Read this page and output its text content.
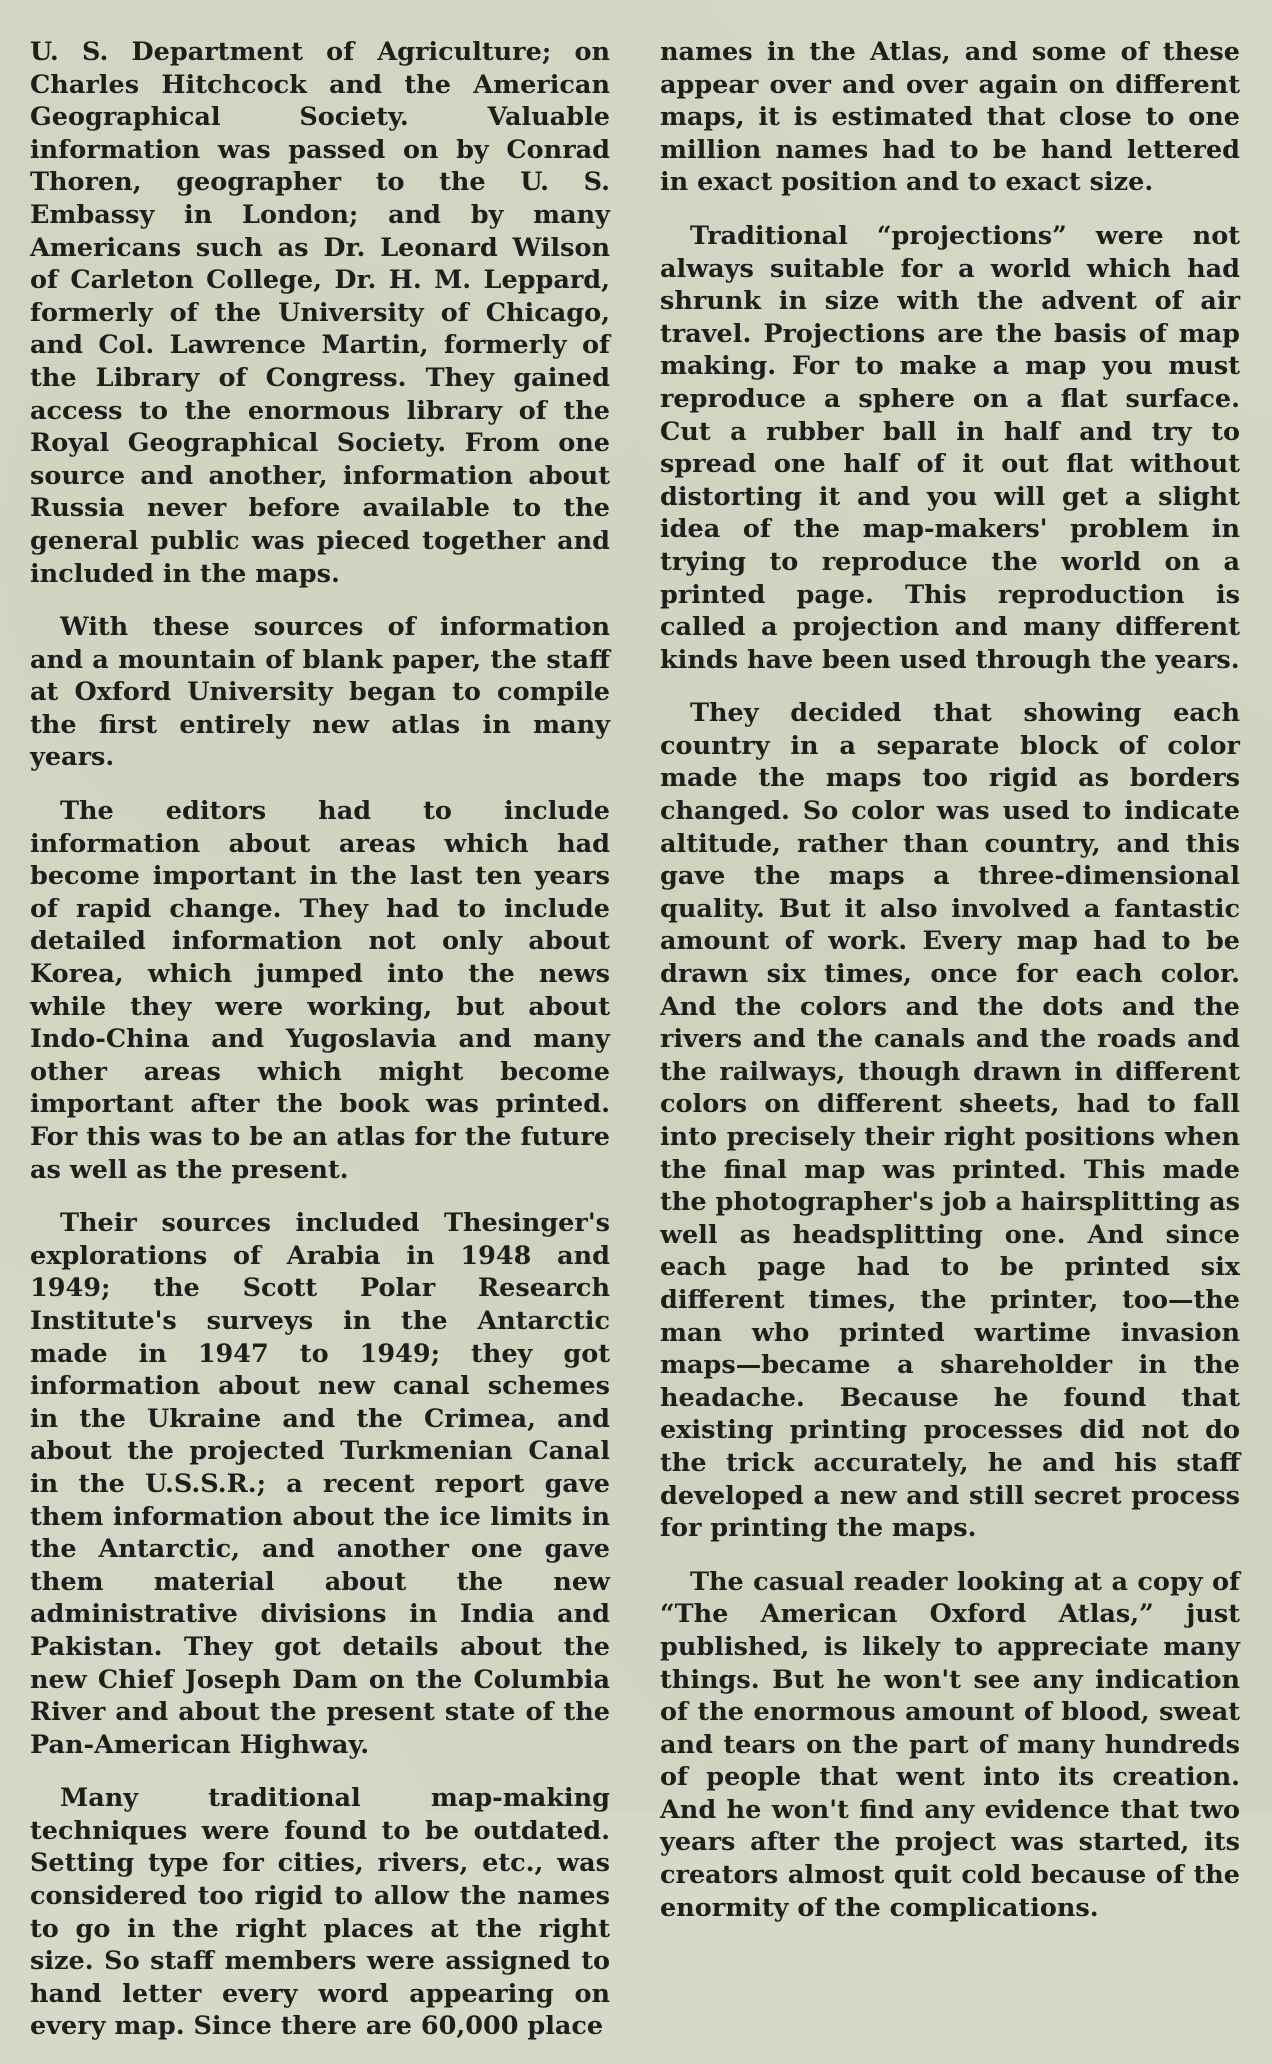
U. S. Department of Agriculture; on Charles Hitchcock and the American Geographical Society. Valuable information was passed on by Conrad Thoren, geographer to the U. S. Embassy in London; and by many Americans such as Dr. Leonard Wilson of Carleton College, Dr. H. M. Leppard, formerly of the University of Chicago, and Col. Lawrence Martin, formerly of the Library of Congress. They gained access to the enormous library of the Royal Geographical Society. From one source and another, information about Russia never before available to the general public was pieced together and included in the maps.

With these sources of information and a mountain of blank paper, the staff at Oxford University began to compile the first entirely new atlas in many years.

The editors had to include information about areas which had become important in the last ten years of rapid change. They had to include detailed information not only about Korea, which jumped into the news while they were working, but about Indo-China and Yugoslavia and many other areas which might become important after the book was printed. For this was to be an atlas for the future as well as the present.

Their sources included Thesinger's explorations of Arabia in 1948 and 1949; the Scott Polar Research Institute's surveys in the Antarctic made in 1947 to 1949; they got information about new canal schemes in the Ukraine and the Crimea, and about the projected Turkmenian Canal in the U.S.S.R.; a recent report gave them information about the ice limits in the Antarctic, and another one gave them material about the new administrative divisions in India and Pakistan. They got details about the new Chief Joseph Dam on the Columbia River and about the present state of the Pan-American Highway.

Many traditional map-making techniques were found to be outdated. Setting type for cities, rivers, etc., was considered too rigid to allow the names to go in the right places at the right size. So staff members were assigned to hand letter every word appearing on every map. Since there are 60,000 place

names in the Atlas, and some of these appear over and over again on different maps, it is estimated that close to one million names had to be hand lettered in exact position and to exact size.

Traditional “projections” were not always suitable for a world which had shrunk in size with the advent of air travel. Projections are the basis of map making. For to make a map you must reproduce a sphere on a flat surface. Cut a rubber ball in half and try to spread one half of it out flat without distorting it and you will get a slight idea of the map-makers' problem in trying to reproduce the world on a printed page. This reproduction is called a projection and many different kinds have been used through the years.

They decided that showing each country in a separate block of color made the maps too rigid as borders changed. So color was used to indicate altitude, rather than country, and this gave the maps a three-dimensional quality. But it also involved a fantastic amount of work. Every map had to be drawn six times, once for each color. And the colors and the dots and the rivers and the canals and the roads and the railways, though drawn in different colors on different sheets, had to fall into precisely their right positions when the final map was printed. This made the photographer's job a hairsplitting as well as headsplitting one. And since each page had to be printed six different times, the printer, too—the man who printed wartime invasion maps—became a shareholder in the headache. Because he found that existing printing processes did not do the trick accurately, he and his staff developed a new and still secret process for printing the maps.

The casual reader looking at a copy of “The American Oxford Atlas,” just published, is likely to appreciate many things. But he won't see any indication of the enormous amount of blood, sweat and tears on the part of many hundreds of people that went into its creation. And he won't find any evidence that two years after the project was started, its creators almost quit cold because of the enormity of the complications.
